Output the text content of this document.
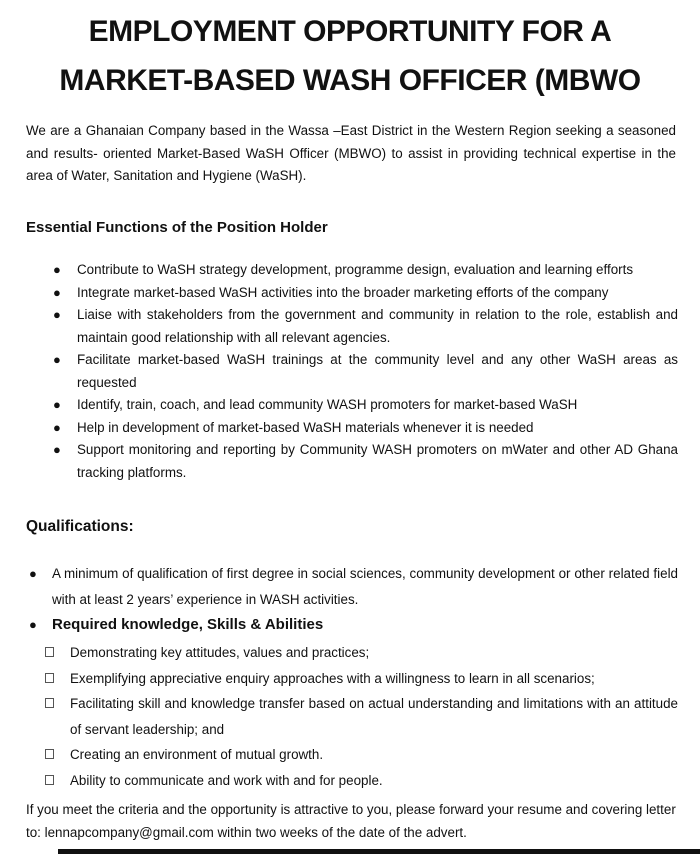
EMPLOYMENT OPPORTUNITY FOR A
MARKET-BASED WASH OFFICER (MBWO
We are a Ghanaian Company based in the Wassa –East District in the Western Region seeking a seasoned and results- oriented Market-Based WaSH Officer (MBWO) to assist in providing technical expertise in the area of Water, Sanitation and Hygiene (WaSH).
Essential Functions of the Position Holder
● Contribute to WaSH strategy development, programme design, evaluation and learning efforts
● Integrate market-based WaSH activities into the broader marketing efforts of the company
● Liaise with stakeholders from the government and community in relation to the role, establish and maintain good relationship with all relevant agencies.
● Facilitate market-based WaSH trainings at the community level and any other WaSH areas as requested
● Identify, train, coach, and lead community WASH promoters for market-based WaSH
● Help in development of market-based WaSH materials whenever it is needed
● Support monitoring and reporting by Community WASH promoters on mWater and other AD Ghana tracking platforms.
Qualifications:
● A minimum of qualification of first degree in social sciences, community development or other related field with at least 2 years’ experience in WASH activities.
● Required knowledge, Skills & Abilities
Demonstrating key attitudes, values and practices;
Exemplifying appreciative enquiry approaches with a willingness to learn in all scenarios;
Facilitating skill and knowledge transfer based on actual understanding and limitations with an attitude of servant leadership; and
Creating an environment of mutual growth.
Ability to communicate and work with and for people.
If you meet the criteria and the opportunity is attractive to you, please forward your resume and covering letter to: lennapcompany@gmail.com within two weeks of the date of the advert.
